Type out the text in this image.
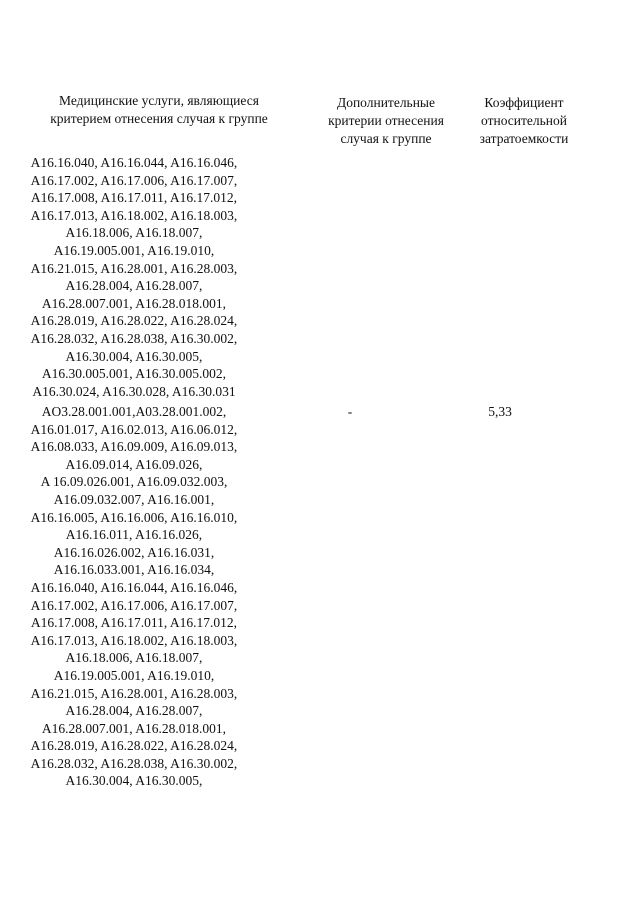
Медицинские услуги, являющиеся
критерием отнесения случая к группе
Дополнительные
критерии отнесения
случая к группе
Коэффициент
относительной
затратоемкости
A16.16.040, A16.16.044, A16.16.046,
A16.17.002, A16.17.006, A16.17.007,
A16.17.008, A16.17.011, A16.17.012,
A16.17.013, A16.18.002, A16.18.003,
A16.18.006, A16.18.007,
A16.19.005.001, A16.19.010,
A16.21.015, A16.28.001, A16.28.003,
A16.28.004, A16.28.007,
A16.28.007.001, A16.28.018.001,
A16.28.019, A16.28.022, A16.28.024,
A16.28.032, A16.28.038, A16.30.002,
A16.30.004, A16.30.005,
A16.30.005.001, A16.30.005.002,
A16.30.024, A16.30.028, A16.30.031
AO3.28.001.001,A03.28.001.002,
A16.01.017, A16.02.013, A16.06.012,
A16.08.033, A16.09.009, A16.09.013,
A16.09.014, A16.09.026,
A 16.09.026.001, A16.09.032.003,
A16.09.032.007, A16.16.001,
A16.16.005, A16.16.006, A16.16.010,
A16.16.011, A16.16.026,
A16.16.026.002, A16.16.031,
A16.16.033.001, A16.16.034,
A16.16.040, A16.16.044, A16.16.046,
A16.17.002, A16.17.006, A16.17.007,
A16.17.008, A16.17.011, A16.17.012,
A16.17.013, A16.18.002, A16.18.003,
A16.18.006, A16.18.007,
A16.19.005.001, A16.19.010,
A16.21.015, A16.28.001, A16.28.003,
A16.28.004, A16.28.007,
A16.28.007.001, A16.28.018.001,
A16.28.019, A16.28.022, A16.28.024,
A16.28.032, A16.28.038, A16.30.002,
A16.30.004, A16.30.005,
-	5,33
